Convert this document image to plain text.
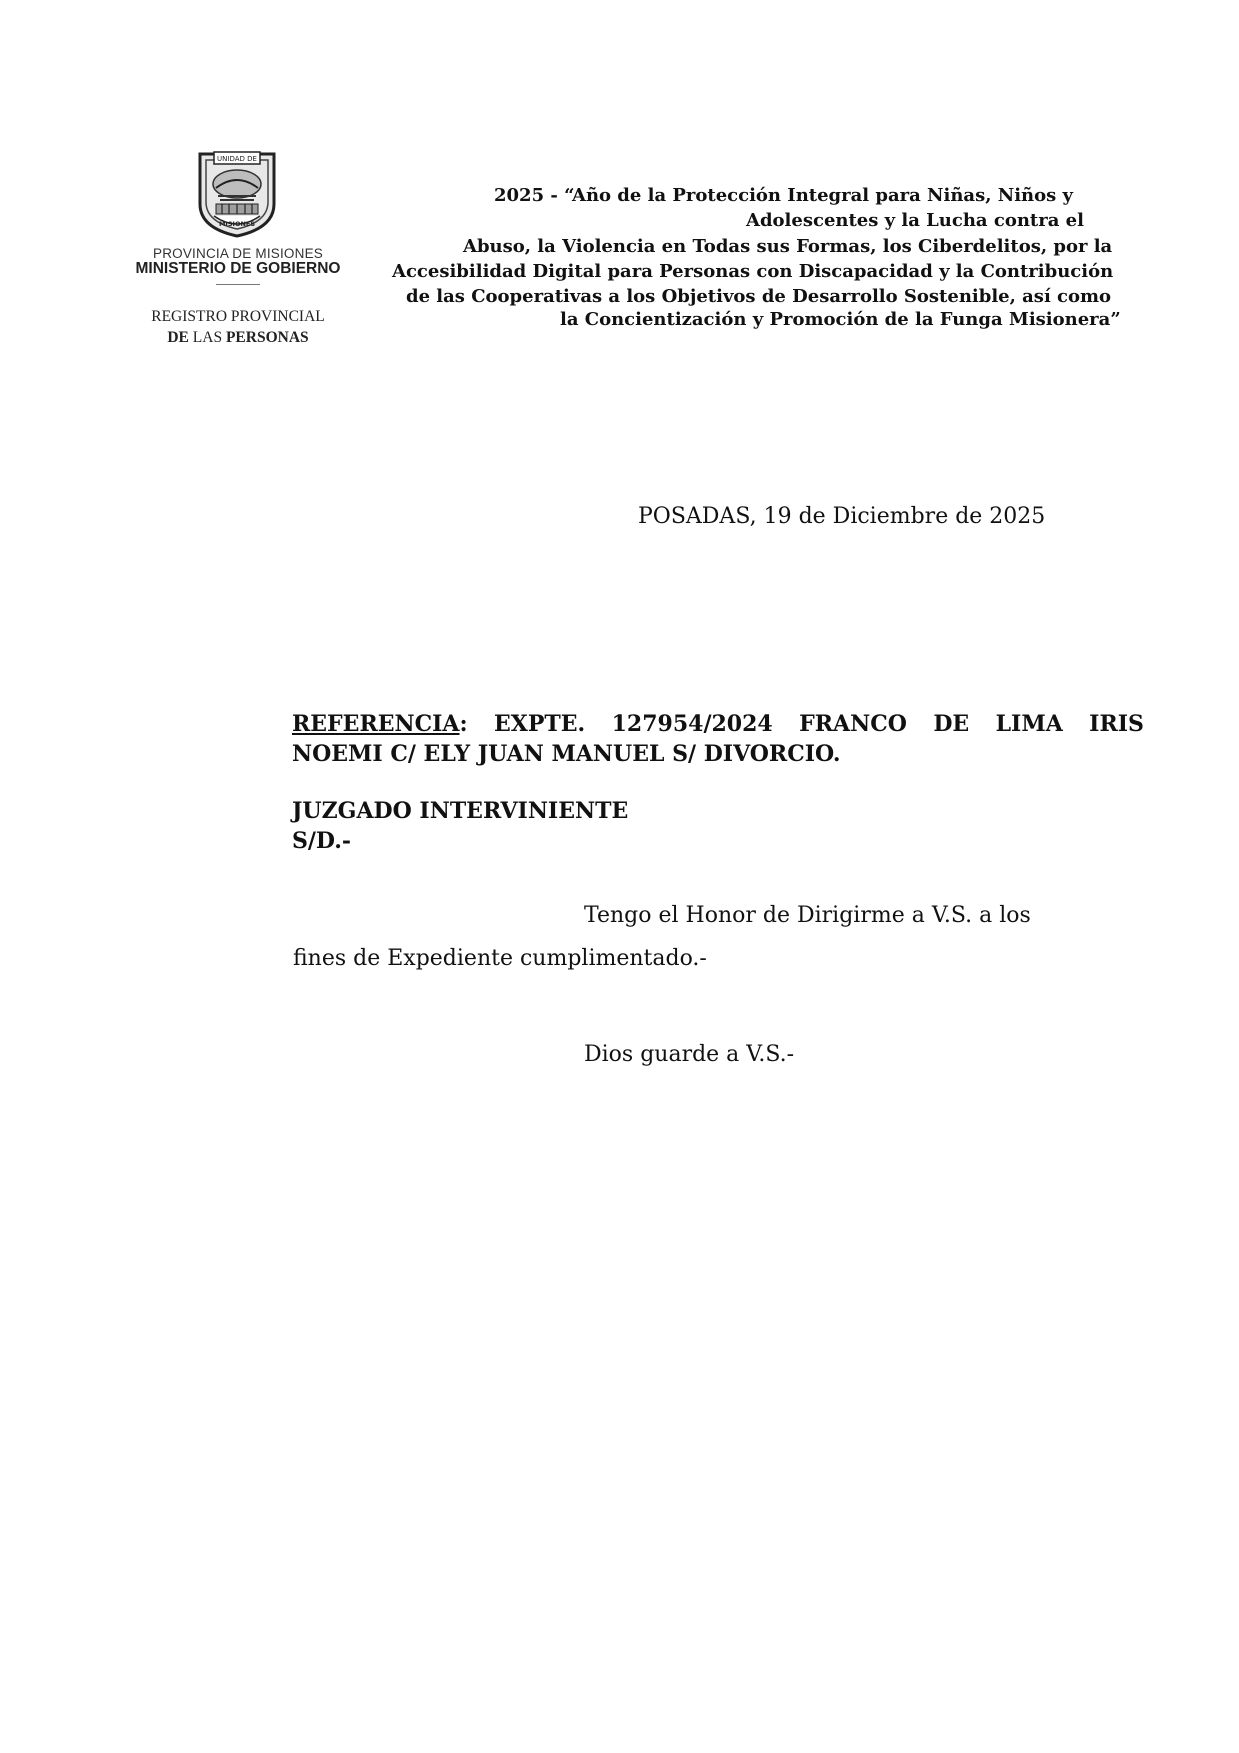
UNIDAD DE
MISIONES
PROVINCIA DE MISIONES
MINISTERIO DE GOBIERNO
REGISTRO PROVINCIAL
DE LAS PERSONAS
2025 - “Año de la Protección Integral para Niñas, Niños y
Adolescentes y la Lucha contra el
Abuso, la Violencia en Todas sus Formas, los Ciberdelitos, por la
Accesibilidad Digital para Personas con Discapacidad y la Contribución
de las Cooperativas a los Objetivos de Desarrollo Sostenible, así como
la Concientización y Promoción de la Funga Misionera”
POSADAS, 19 de Diciembre de 2025
REFERENCIA: EXPTE. 127954/2024 FRANCO DE LIMA IRIS
NOEMI C/ ELY JUAN MANUEL S/ DIVORCIO.
JUZGADO INTERVINIENTE
S/D.-
Tengo el Honor de Dirigirme a V.S. a los
fines de Expediente cumplimentado.-
Dios guarde a V.S.-
